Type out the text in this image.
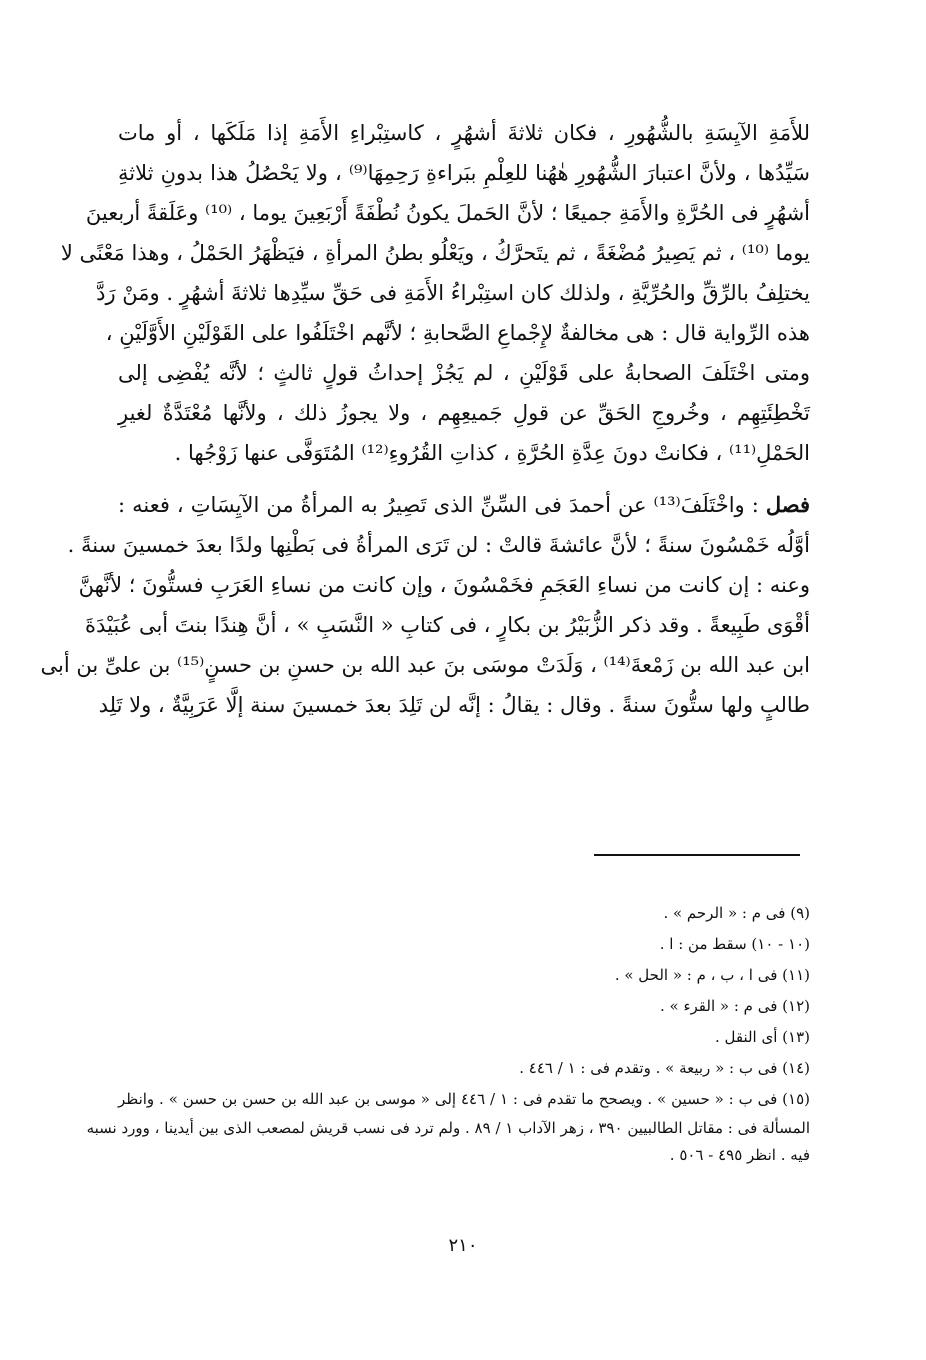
للأَمَةِ الآيِسَةِ بالشُّهُورِ ، فكان ثلاثةَ أشهُرٍ ، كاستِبْراءِ الأَمَةِ إذا مَلَكَها ، أو مات
سَيِّدُها ، ولأنَّ اعتبارَ الشُّهُورِ هٰهُنا للعِلْمِ ببَراءةِ رَحِمِهَا⁽⁹⁾ ، ولا يَحْصُلُ هذا بدونِ ثلاثةِ
أشهُرٍ فى الحُرَّةِ والأَمَةِ جميعًا ؛ لأنَّ الحَملَ يكونُ نُطْفَةً أَرْبَعِينَ يوما ، ⁽¹⁰⁾ وعَلَقةً أربعينَ
يوما ⁽¹⁰⁾ ، ثم يَصِيرُ مُضْغَةً ، ثم يتَحرَّكُ ، ويَعْلُو بطنُ المرأةِ ، فيَظْهَرُ الحَمْلُ ، وهذا مَعْنًى لا
يختلِفُ بالرِّقِّ والحُرِّيَّةِ ، ولذلك كان استِبْراءُ الأَمَةِ فى حَقِّ سيِّدِها ثلاثةَ أشهُرٍ . ومَنْ رَدَّ
هذه الرِّواية قال : هى مخالفةٌ لإِجْماعِ الصَّحابةِ ؛ لأنَّهم اخْتَلَفُوا على القَوْلَيْنِ الأَوَّلَيْنِ ،
ومتى اخْتَلَفَ الصحابةُ على قَوْلَيْنِ ، لم يَجُزْ إحداثُ قولٍ ثالثٍ ؛ لأنَّه يُفْضِى إلى
تَخْطِئَتِهِم ، وخُروجِ الحَقِّ عن قولِ جَميعِهِم ، ولا يجوزُ ذلك ، ولأنَّها مُعْتَدَّةٌ لغيرِ
الحَمْلِ⁽¹¹⁾ ، فكانتْ دونَ عِدَّةِ الحُرَّةِ ، كذاتِ القُرُوءِ⁽¹²⁾ المُتَوَفَّى عنها زَوْجُها .
فصل : واخْتَلَفَ⁽¹³⁾ عن أحمدَ فى السِّنِّ الذى تَصِيرُ به المرأةُ من الآيِسَاتِ ، فعنه :
أوَّلُه خَمْسُونَ سنةً ؛ لأنَّ عائشةَ قالتْ : لن تَرَى المرأةُ فى بَطْنِها ولدًا بعدَ خمسينَ سنةً .
وعنه : إن كانت من نساءِ العَجَمِ فخَمْسُونَ ، وإن كانت من نساءِ العَرَبِ فستُّونَ ؛ لأنَّهنَّ
أقْوَى طَبِيعةً . وقد ذكر الزُّبَيْرُ بن بكارٍ ، فى كتابِ « النَّسَبِ » ، أنَّ هِندًا بنتَ أبى عُبَيْدَةَ
ابن عبد الله بن زَمْعةَ⁽¹⁴⁾ ، وَلَدَتْ موسَى بنَ عبد الله بن حسنِ بن حسنٍ⁽¹⁵⁾ بن علىِّ بن أبى
طالبٍ ولها ستُّونَ سنةً . وقال : يقالُ : إنَّه لن تَلِدَ بعدَ خمسينَ سنة إلَّا عَرَبِيَّةٌ ، ولا تَلِد
(٩) فى م : « الرحم » .
(١٠ - ١٠) سقط من : ا .
(١١) فى ا ، ب ، م : « الحل » .
(١٢) فى م : « القرء » .
(١٣) أى النقل .
(١٤) فى ب : « ربيعة » . وتقدم فى : ١ / ٤٤٦ .
(١٥) فى ب : « حسين » . ويصحح ما تقدم فى : ١ / ٤٤٦ إلى « موسى بن عبد الله بن حسن بن حسن » . وانظر
المسألة فى : مقاتل الطالبيين ٣٩٠ ، زهر الآداب ١ / ٨٩ . ولم ترد فى نسب قريش لمصعب الذى بين أيدينا ، وورد نسبه
فيه . انظر ٤٩٥ - ٥٠٦ .
٢١٠
